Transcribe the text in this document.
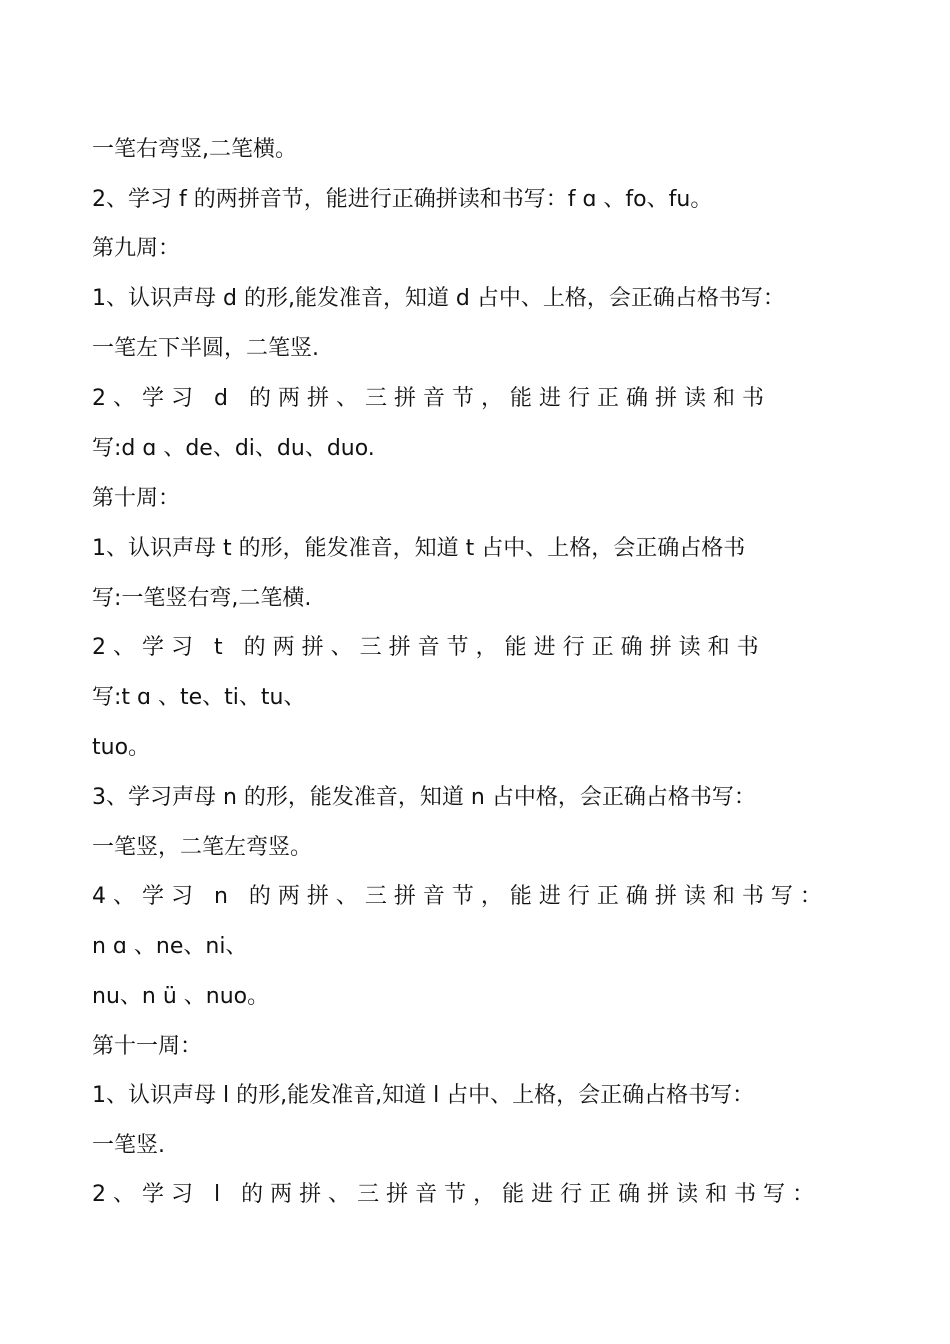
一笔右弯竖,二笔横。
2、学习 f 的两拼音节，能进行正确拼读和书写：f ɑ 、fo、fu。
第九周：
1、认识声母 d 的形,能发准音，知道 d 占中、上格，会正确占格书写：
一笔左下半圆，二笔竖.
2、学习 d 的两拼、三拼音节，能进行正确拼读和书
写:d ɑ 、de、di、du、duo.
第十周：
1、认识声母 t 的形，能发准音，知道 t 占中、上格，会正确占格书
写:一笔竖右弯,二笔横.
2、学习 t 的两拼、三拼音节，能进行正确拼读和书
写:t ɑ 、te、ti、tu、
tuo。
3、学习声母 n 的形，能发准音，知道 n 占中格，会正确占格书写：
一笔竖，二笔左弯竖。
4、学习 n 的两拼、三拼音节，能进行正确拼读和书写：
n ɑ 、ne、ni、
nu、n ü 、nuo。
第十一周：
1、认识声母 l 的形,能发准音,知道 l 占中、上格，会正确占格书写：
一笔竖.
2、学习 l 的两拼、三拼音节，能进行正确拼读和书写：
